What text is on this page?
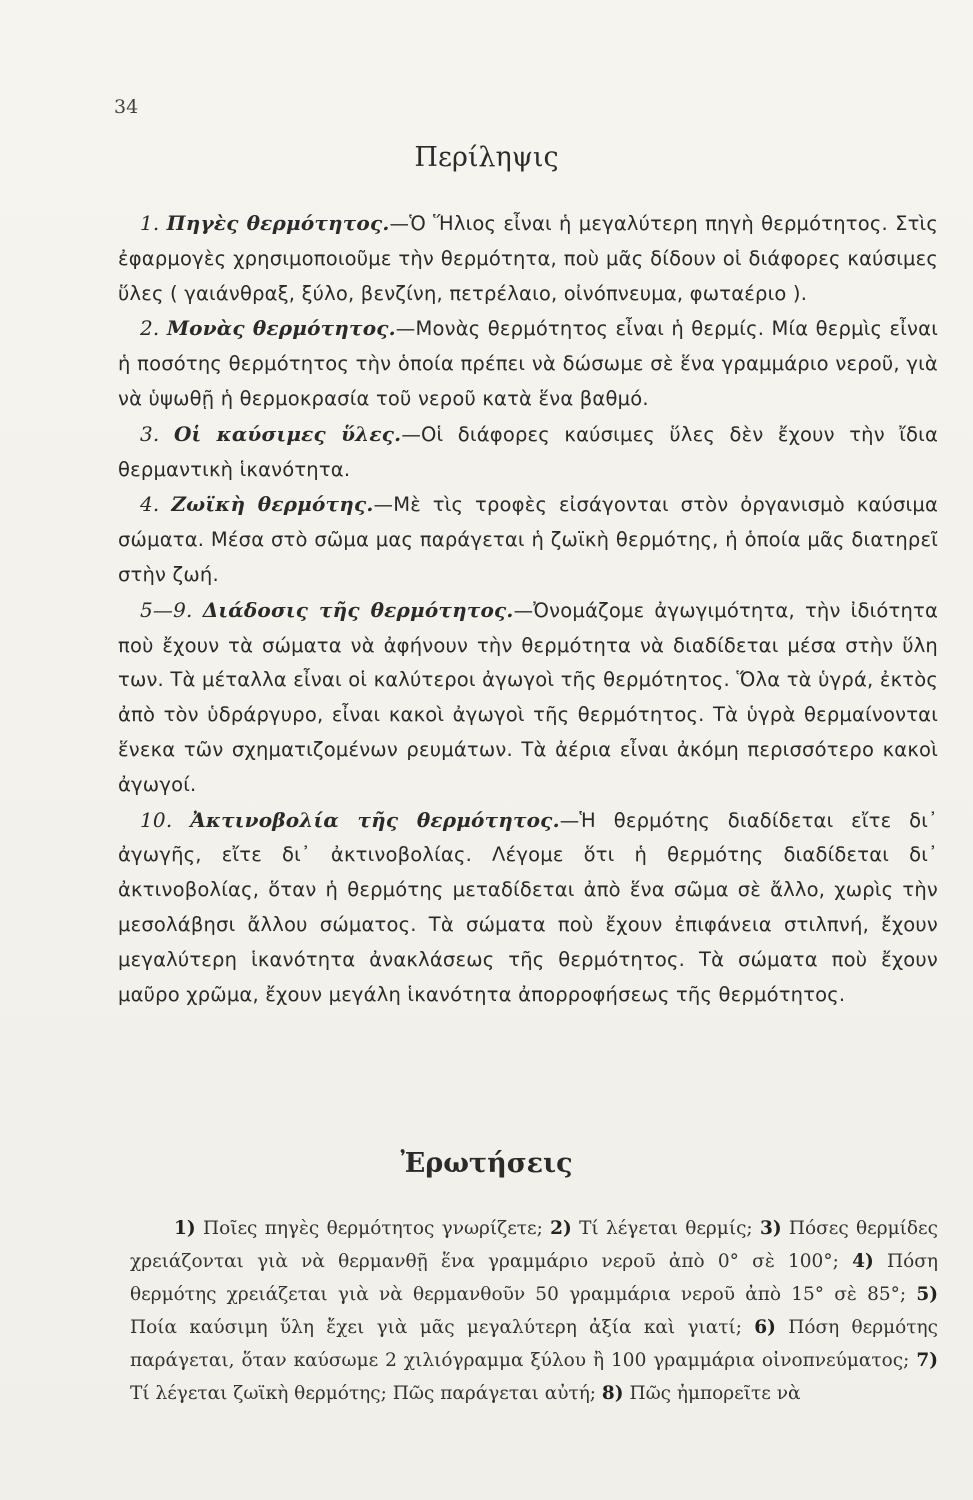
34
Περίληψις

1. Πηγὲς θερμότητος.—Ὁ Ἥλιος εἶναι ἡ μεγαλύτερη πηγὴ θερμότητος. Στὶς ἐφαρμογὲς χρησιμοποιοῦμε τὴν θερμότητα, ποὺ μᾶς δίδουν οἱ διάφορες καύσιμες ὕλες ( γαιάνθραξ, ξύλο, βενζίνη, πετρέλαιο, οἰνόπνευμα, φωταέριο ).

2. Μονὰς θερμότητος.—Μονὰς θερμότητος εἶναι ἡ θερμίς. Μία θερμὶς εἶναι ἡ ποσότης θερμότητος τὴν ὁποία πρέπει νὰ δώσωμε σὲ ἕνα γραμμάριο νεροῦ, γιὰ νὰ ὑψωθῇ ἡ θερμοκρασία τοῦ νεροῦ κατὰ ἕνα βαθμό.

3. Οἱ καύσιμες ὕλες.—Οἱ διάφορες καύσιμες ὕλες δὲν ἔχουν τὴν ἴδια θερμαντικὴ ἱκανότητα.

4. Ζωϊκὴ θερμότης.—Μὲ τὶς τροφὲς εἰσάγονται στὸν ὀργανισμὸ καύσιμα σώματα. Μέσα στὸ σῶμα μας παράγεται ἡ ζωϊκὴ θερμότης, ἡ ὁποία μᾶς διατηρεῖ στὴν ζωή.

5—9. Διάδοσις τῆς θερμότητος.—Ὀνομάζομε ἀγωγιμότητα, τὴν ἰδιότητα ποὺ ἔχουν τὰ σώματα νὰ ἀφήνουν τὴν θερμότητα νὰ διαδίδεται μέσα στὴν ὕλη των. Τὰ μέταλλα εἶναι οἱ καλύτεροι ἀγωγοὶ τῆς θερμότητος. Ὅλα τὰ ὑγρά, ἐκτὸς ἀπὸ τὸν ὑδράργυρο, εἶναι κακοὶ ἀγωγοὶ τῆς θερμότητος. Τὰ ὑγρὰ θερμαίνονται ἕνεκα τῶν σχηματιζομένων ρευμάτων. Τὰ ἀέρια εἶναι ἀκόμη περισσότερο κακοὶ ἀγωγοί.

10. Ἀκτινοβολία τῆς θερμότητος.—Ἡ θερμότης διαδίδεται εἴτε δι᾽ ἀγωγῆς, εἴτε δι᾽ ἀκτινοβολίας. Λέγομε ὅτι ἡ θερμότης διαδίδεται δι᾽ ἀκτινοβολίας, ὅταν ἡ θερμότης μεταδίδεται ἀπὸ ἕνα σῶμα σὲ ἄλλο, χωρὶς τὴν μεσολάβησι ἄλλου σώματος. Τὰ σώματα ποὺ ἔχουν ἐπιφάνεια στιλπνή, ἔχουν μεγαλύτερη ἱκανότητα ἀνακλάσεως τῆς θερμότητος. Τὰ σώματα ποὺ ἔχουν μαῦρο χρῶμα, ἔχουν μεγάλη ἱκανότητα ἀπορροφήσεως τῆς θερμότητος.

Ἐρωτήσεις

1) Ποῖες πηγὲς θερμότητος γνωρίζετε; 2) Τί λέγεται θερμίς; 3) Πόσες θερμίδες χρειάζονται γιὰ νὰ θερμανθῇ ἕνα γραμμάριο νεροῦ ἀπὸ 0° σὲ 100°; 4) Πόση θερμότης χρειάζεται γιὰ νὰ θερμανθοῦν 50 γραμμάρια νεροῦ ἀπὸ 15° σὲ 85°; 5) Ποία καύσιμη ὕλη ἔχει γιὰ μᾶς μεγαλύτερη ἀξία καὶ γιατί; 6) Πόση θερμότης παράγεται, ὅταν καύσωμε 2 χιλιόγραμμα ξύλου ἢ 100 γραμμάρια οἰνοπνεύματος; 7) Τί λέγεται ζωϊκὴ θερμότης; Πῶς παράγεται αὐτή; 8) Πῶς ἠμπορεῖτε νὰ
